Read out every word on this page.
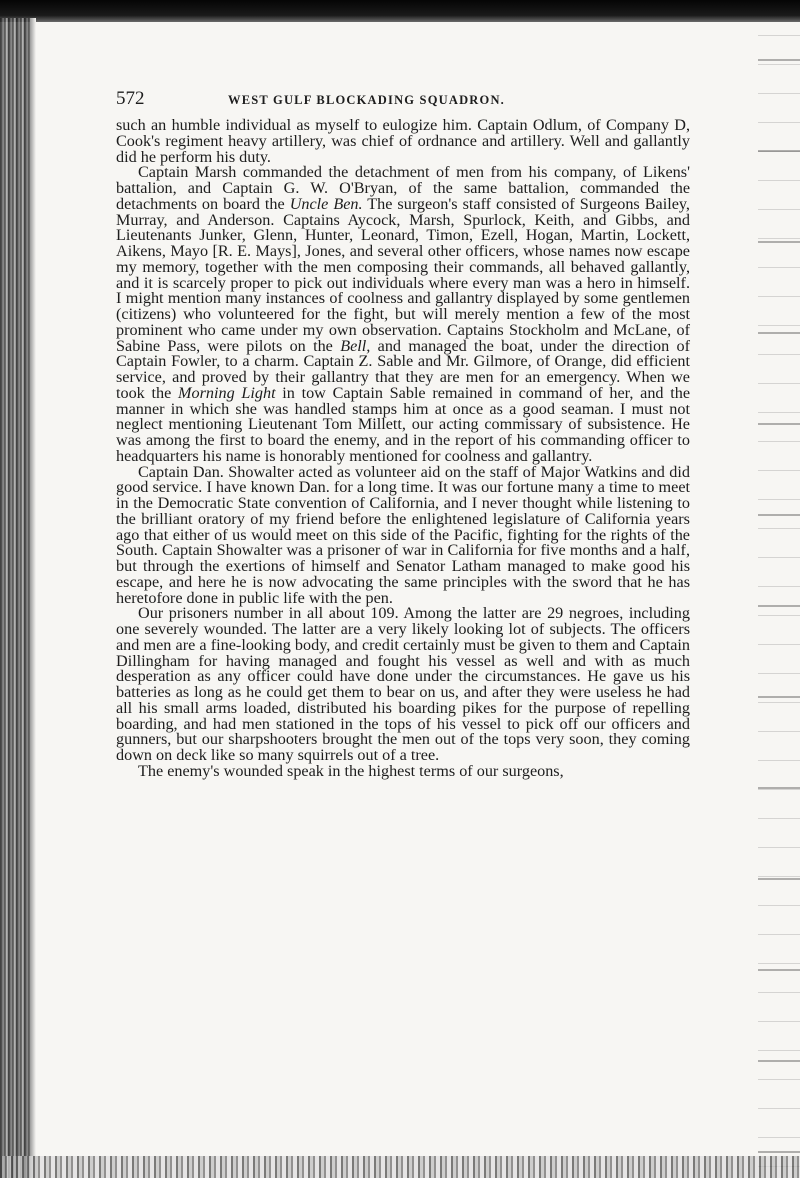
572	WEST GULF BLOCKADING SQUADRON.

such an humble individual as myself to eulogize him. Captain Odlum, of Company D, Cook's regiment heavy artillery, was chief of ordnance and artillery. Well and gallantly did he perform his duty.

Captain Marsh commanded the detachment of men from his company, of Likens' battalion, and Captain G. W. O'Bryan, of the same battalion, commanded the detachments on board the Uncle Ben. The surgeon's staff consisted of Surgeons Bailey, Murray, and Anderson. Captains Aycock, Marsh, Spurlock, Keith, and Gibbs, and Lieutenants Junker, Glenn, Hunter, Leonard, Timon, Ezell, Hogan, Martin, Lockett, Aikens, Mayo [R. E. Mays], Jones, and several other officers, whose names now escape my memory, together with the men composing their commands, all behaved gallantly, and it is scarcely proper to pick out individuals where every man was a hero in himself. I might mention many instances of coolness and gallantry displayed by some gentlemen (citizens) who volunteered for the fight, but will merely mention a few of the most prominent who came under my own observation. Captains Stockholm and McLane, of Sabine Pass, were pilots on the Bell, and managed the boat, under the direction of Captain Fowler, to a charm. Captain Z. Sable and Mr. Gilmore, of Orange, did efficient service, and proved by their gallantry that they are men for an emergency. When we took the Morning Light in tow Captain Sable remained in command of her, and the manner in which she was handled stamps him at once as a good seaman. I must not neglect mentioning Lieutenant Tom Millett, our acting commissary of subsistence. He was among the first to board the enemy, and in the report of his commanding officer to headquarters his name is honorably mentioned for coolness and gallantry.

Captain Dan. Showalter acted as volunteer aid on the staff of Major Watkins and did good service. I have known Dan. for a long time. It was our fortune many a time to meet in the Democratic State convention of California, and I never thought while listening to the brilliant oratory of my friend before the enlightened legislature of California years ago that either of us would meet on this side of the Pacific, fighting for the rights of the South. Captain Showalter was a prisoner of war in California for five months and a half, but through the exertions of himself and Senator Latham managed to make good his escape, and here he is now advocating the same principles with the sword that he has heretofore done in public life with the pen.

Our prisoners number in all about 109. Among the latter are 29 negroes, including one severely wounded. The latter are a very likely looking lot of subjects. The officers and men are a fine-looking body, and credit certainly must be given to them and Captain Dillingham for having managed and fought his vessel as well and with as much desperation as any officer could have done under the circumstances. He gave us his batteries as long as he could get them to bear on us, and after they were useless he had all his small arms loaded, distributed his boarding pikes for the purpose of repelling boarding, and had men stationed in the tops of his vessel to pick off our officers and gunners, but our sharpshooters brought the men out of the tops very soon, they coming down on deck like so many squirrels out of a tree.

The enemy's wounded speak in the highest terms of our surgeons,
